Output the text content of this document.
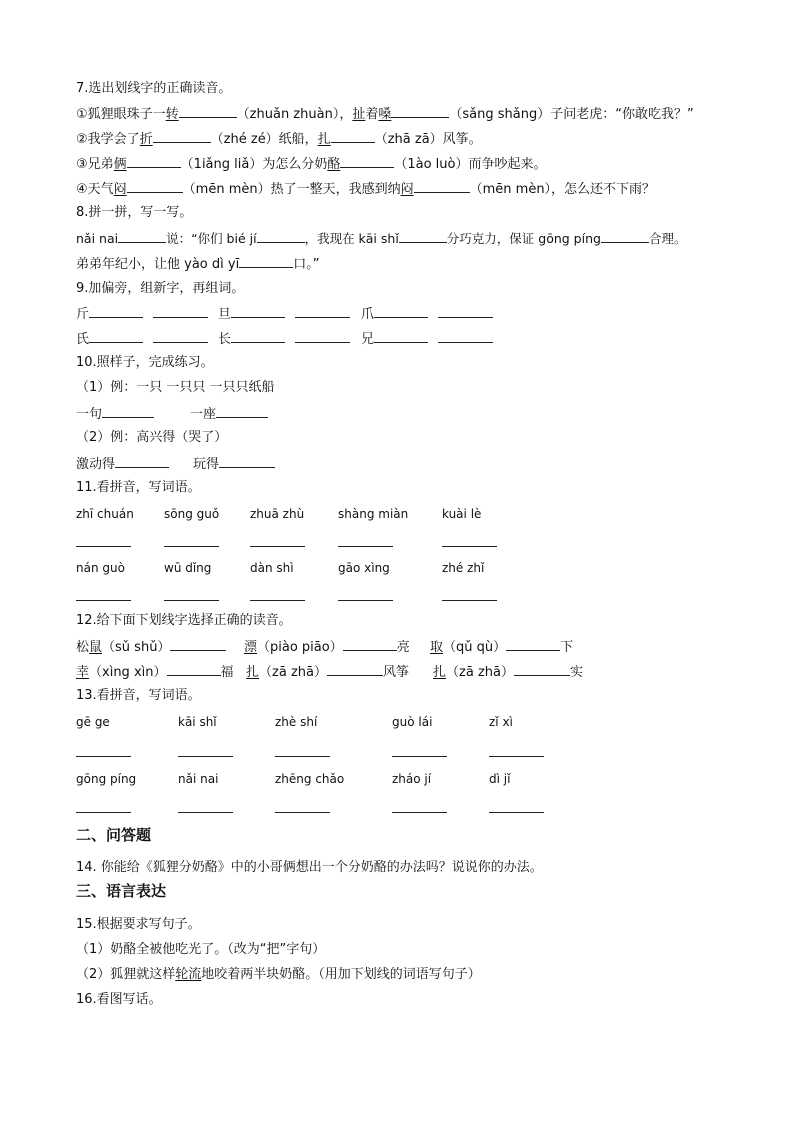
7.选出划线字的正确读音。
①狐狸眼珠子一转	（zhuǎn zhuàn），扯着嗓	（sǎng shǎng）子问老虎：“你敢吃我？”
②我学会了折	（zhé zé）纸船，扎	（zhā zā）风筝。
③兄弟俩	（1iǎng liǎ）为怎么分奶酪	（1ào luò）而争吵起来。
④天气闷	（mēn mèn）热了一整天，我感到纳闷	（mēn mèn），怎么还不下雨？
8.拼一拼，写一写。
nǎi nai	说：“你们 bié jí	，我现在 kāi shǐ	分巧克力，保证 gōng píng	合理。
弟弟年纪小，让他 yào dì yī	口。”
9.加偏旁，组新字，再组词。
斤	旦	爪
氏	长	兄
10.照样子，完成练习。
（1）例：一只 一只只 一只只纸船
一句	一座
（2）例：高兴得（哭了）
激动得	玩得
11.看拼音，写词语。
zhī chuán	sōng guǒ	zhuā zhù	shàng miàn	kuài lè
nán guò	wū dǐng	dàn shì	gāo xìng	zhé zhǐ
12.给下面下划线字选择正确的读音。
松鼠（sǔ shǔ）	漂（piào piāo）	亮 取（qǔ qù）	下
幸（xìng xìn）	福 扎（zā zhā）	风筝 扎（zā zhā）	实
13.看拼音，写词语。
gē ge	kāi shǐ	zhè shí	guò lái	zǐ xì
gōng píng	nǎi nai	zhēng chǎo	zháo jí	dì jǐ
二、问答题
14. 你能给《狐狸分奶酪》中的小哥俩想出一个分奶酪的办法吗？说说你的办法。
三、语言表达
15.根据要求写句子。
（1）奶酪全被他吃光了。（改为“把”字句）
（2）狐狸就这样轮流地咬着两半块奶酪。（用加下划线的词语写句子）
16.看图写话。
